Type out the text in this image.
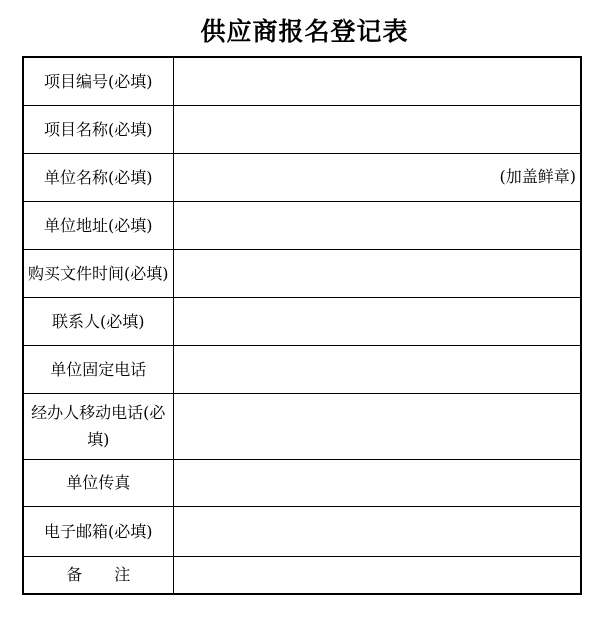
供应商报名登记表
项目编号(必填)	
项目名称(必填)	
单位名称(必填)	(加盖鲜章)

单位地址(必填)	
购买文件时间(必填)	
联系人(必填)	
单位固定电话	
经办人移动电话(必填)	
单位传真	
电子邮箱(必填)	
备　　注	
